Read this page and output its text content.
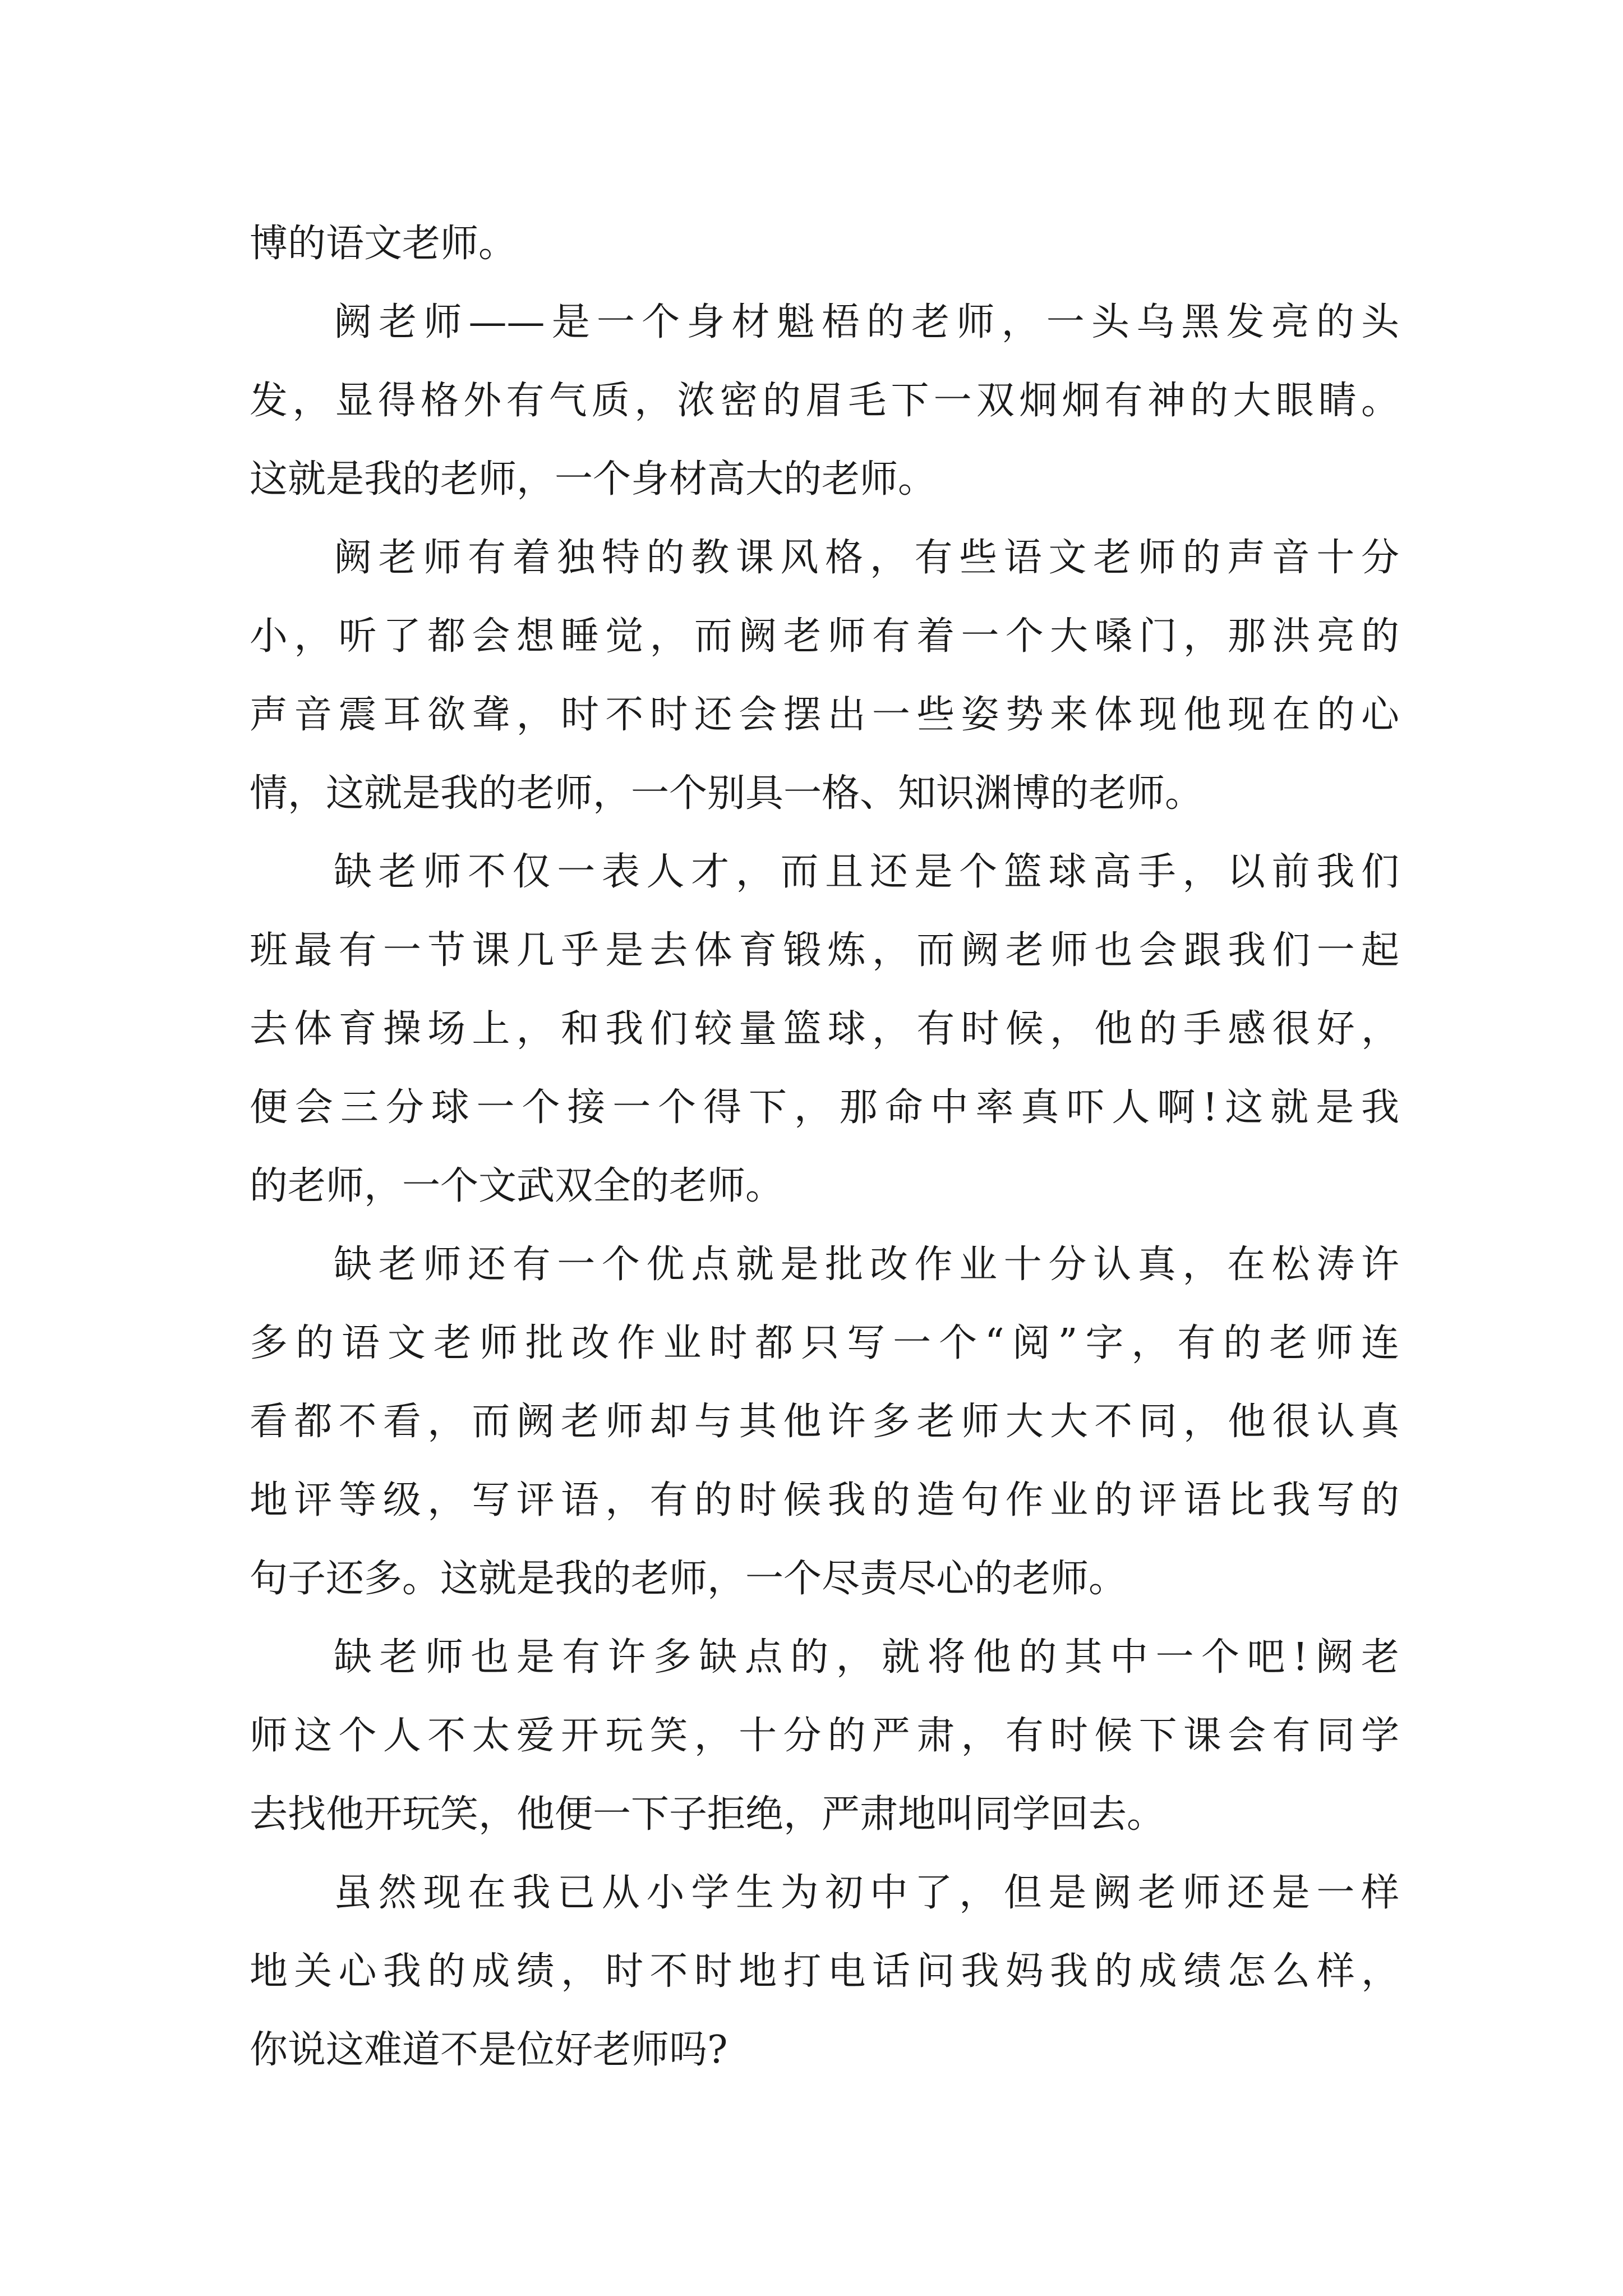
博的语文老师。
阙老师——是一个身材魁梧的老师，一头乌黑发亮的头
发，显得格外有气质，浓密的眉毛下一双炯炯有神的大眼睛。
这就是我的老师，一个身材高大的老师。
阙老师有着独特的教课风格，有些语文老师的声音十分
小，听了都会想睡觉，而阙老师有着一个大嗓门，那洪亮的
声音震耳欲聋，时不时还会摆出一些姿势来体现他现在的心
情，这就是我的老师，一个别具一格、知识渊博的老师。
缺老师不仅一表人才，而且还是个篮球高手，以前我们
班最有一节课几乎是去体育锻炼，而阙老师也会跟我们一起
去体育操场上，和我们较量篮球，有时候，他的手感很好，
便会三分球一个接一个得下，那命中率真吓人啊!这就是我
的老师，一个文武双全的老师。
缺老师还有一个优点就是批改作业十分认真，在松涛许
多的语文老师批改作业时都只写一个“阅”字，有的老师连
看都不看，而阙老师却与其他许多老师大大不同，他很认真
地评等级，写评语，有的时候我的造句作业的评语比我写的
句子还多。这就是我的老师，一个尽责尽心的老师。
缺老师也是有许多缺点的，就将他的其中一个吧!阙老
师这个人不太爱开玩笑，十分的严肃，有时候下课会有同学
去找他开玩笑，他便一下子拒绝，严肃地叫同学回去。
虽然现在我已从小学生为初中了，但是阙老师还是一样
地关心我的成绩，时不时地打电话问我妈我的成绩怎么样，
你说这难道不是位好老师吗?
